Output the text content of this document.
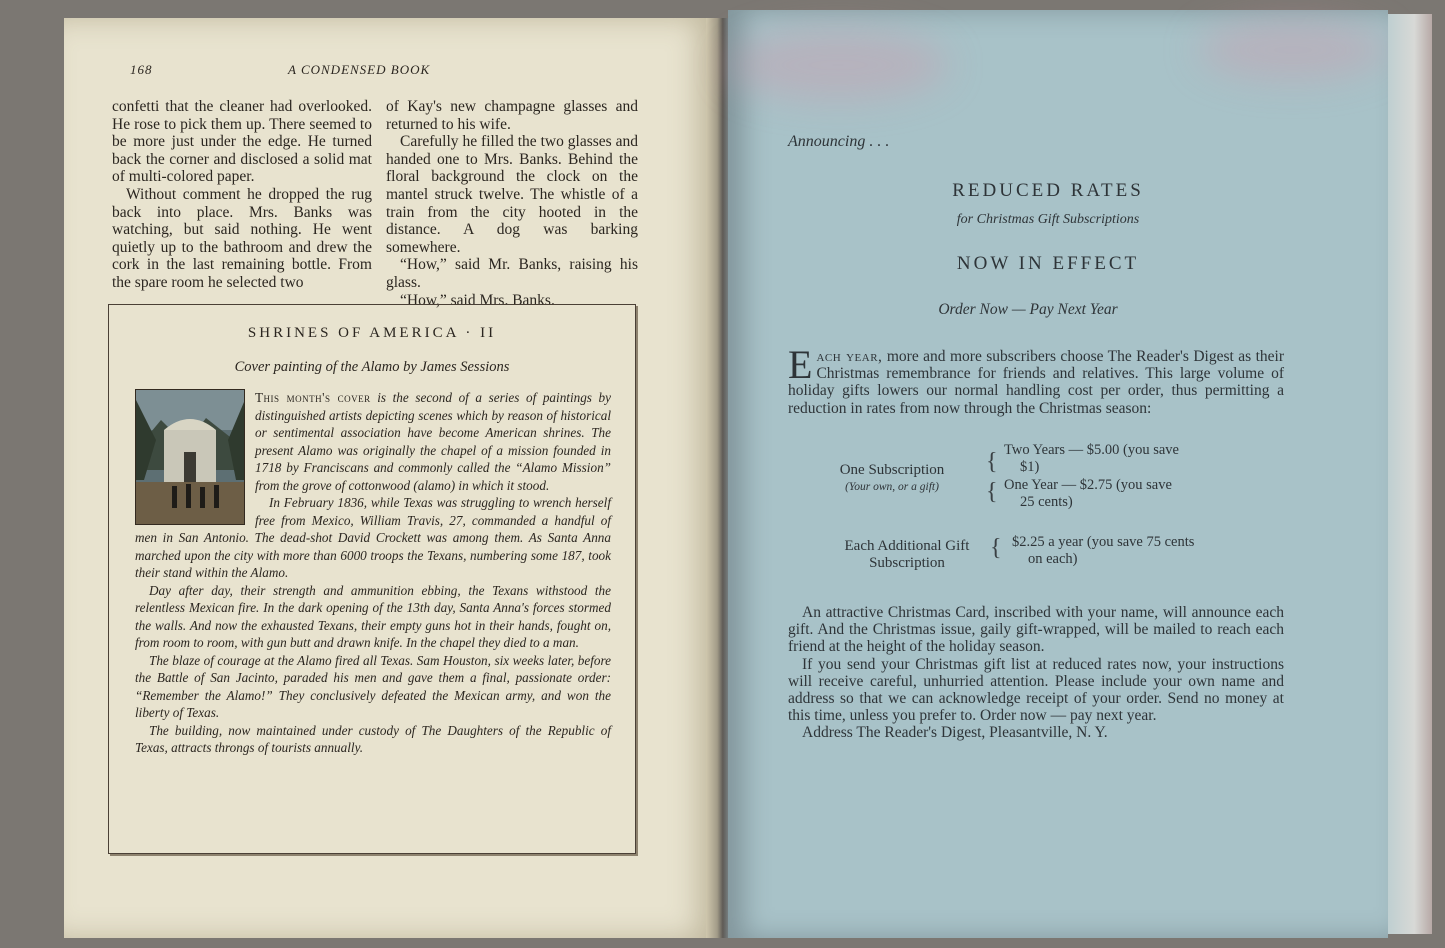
168	A CONDENSED BOOK

confetti that the cleaner had overlooked. He rose to pick them up. There seemed to be more just under the edge. He turned back the corner and disclosed a solid mat of multi-colored paper.

Without comment he dropped the rug back into place. Mrs. Banks was watching, but said nothing. He went quietly up to the bathroom and drew the cork in the last remaining bottle. From the spare room he selected two

of Kay's new champagne glasses and returned to his wife.

Carefully he filled the two glasses and handed one to Mrs. Banks. Behind the floral background the clock on the mantel struck twelve. The whistle of a train from the city hooted in the distance. A dog was barking somewhere.

“How,” said Mr. Banks, raising his glass.

“How,” said Mrs. Banks.

SHRINES OF AMERICA · II
Cover painting of the Alamo by James Sessions

This month's cover is the second of a series of paintings by distinguished artists depicting scenes which by reason of historical or sentimental association have become American shrines. The present Alamo was originally the chapel of a mission founded in 1718 by Franciscans and commonly called the “Alamo Mission” from the grove of cottonwood (alamo) in which it stood.

In February 1836, while Texas was struggling to wrench herself free from Mexico, William Travis, 27, commanded a handful of men in San Antonio. The dead-shot David Crockett was among them. As Santa Anna marched upon the city with more than 6000 troops the Texans, numbering some 187, took their stand within the Alamo.

Day after day, their strength and ammunition ebbing, the Texans withstood the relentless Mexican fire. In the dark opening of the 13th day, Santa Anna's forces stormed the walls. And now the exhausted Texans, their empty guns hot in their hands, fought on, from room to room, with gun butt and drawn knife. In the chapel they died to a man.

The blaze of courage at the Alamo fired all Texas. Sam Houston, six weeks later, before the Battle of San Jacinto, paraded his men and gave them a final, passionate order: “Remember the Alamo!” They conclusively defeated the Mexican army, and won the liberty of Texas.

The building, now maintained under custody of The Daughters of the Republic of Texas, attracts throngs of tourists annually.

Announcing . . .
REDUCED RATES
for Christmas Gift Subscriptions
NOW IN EFFECT
Order Now — Pay Next Year

Each year, more and more subscribers choose The Reader's Digest as their Christmas remembrance for friends and relatives. This large volume of holiday gifts lowers our normal handling cost per order, thus permitting a reduction in rates from now through the Christmas season:

One Subscription
(Your own, or a gift)
{
{
Two Years — $5.00 (you save
$1)
One Year — $2.75 (you save
25 cents)
Each Additional Gift
Subscription
{ $2.25 a year (you save 75 cents
on each)

An attractive Christmas Card, inscribed with your name, will announce each gift. And the Christmas issue, gaily gift-wrapped, will be mailed to reach each friend at the height of the holiday season.

If you send your Christmas gift list at reduced rates now, your instructions will receive careful, unhurried attention. Please include your own name and address so that we can acknowledge receipt of your order. Send no money at this time, unless you prefer to. Order now — pay next year.

Address The Reader's Digest, Pleasantville, N. Y.
